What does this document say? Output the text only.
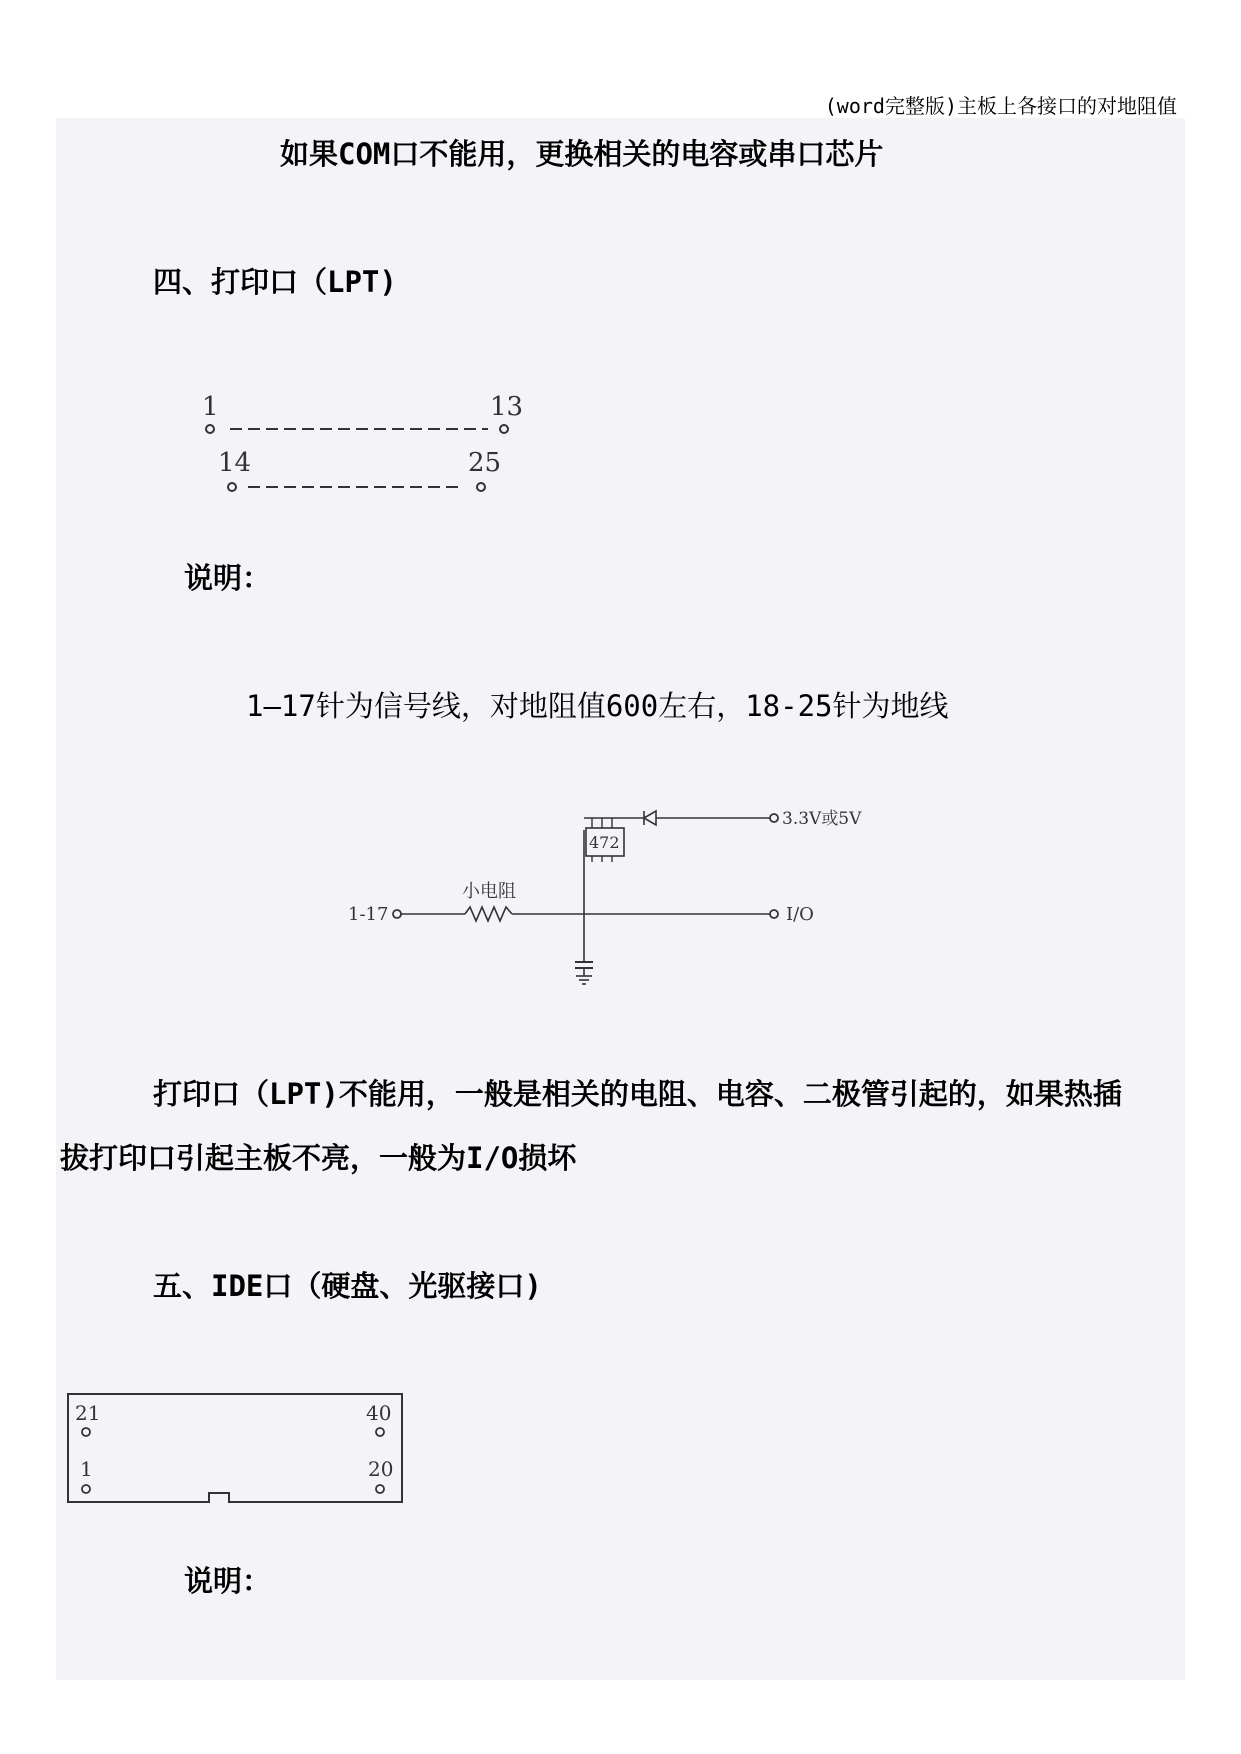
(word完整版)主板上各接口的对地阻值
如果COM口不能用，更换相关的电容或串口芯片
四、打印口（LPT)
1	13
14	25
说明：
1—17针为信号线，对地阻值600左右，18-25针为地线
1-17
小电阻
I/O
472
3.3V或5V
打印口（LPT)不能用，一般是相关的电阻、电容、二极管引起的，如果热插
拔打印口引起主板不亮，一般为I/O损坏
五、IDE口（硬盘、光驱接口)
21	40
1	20
说明：
